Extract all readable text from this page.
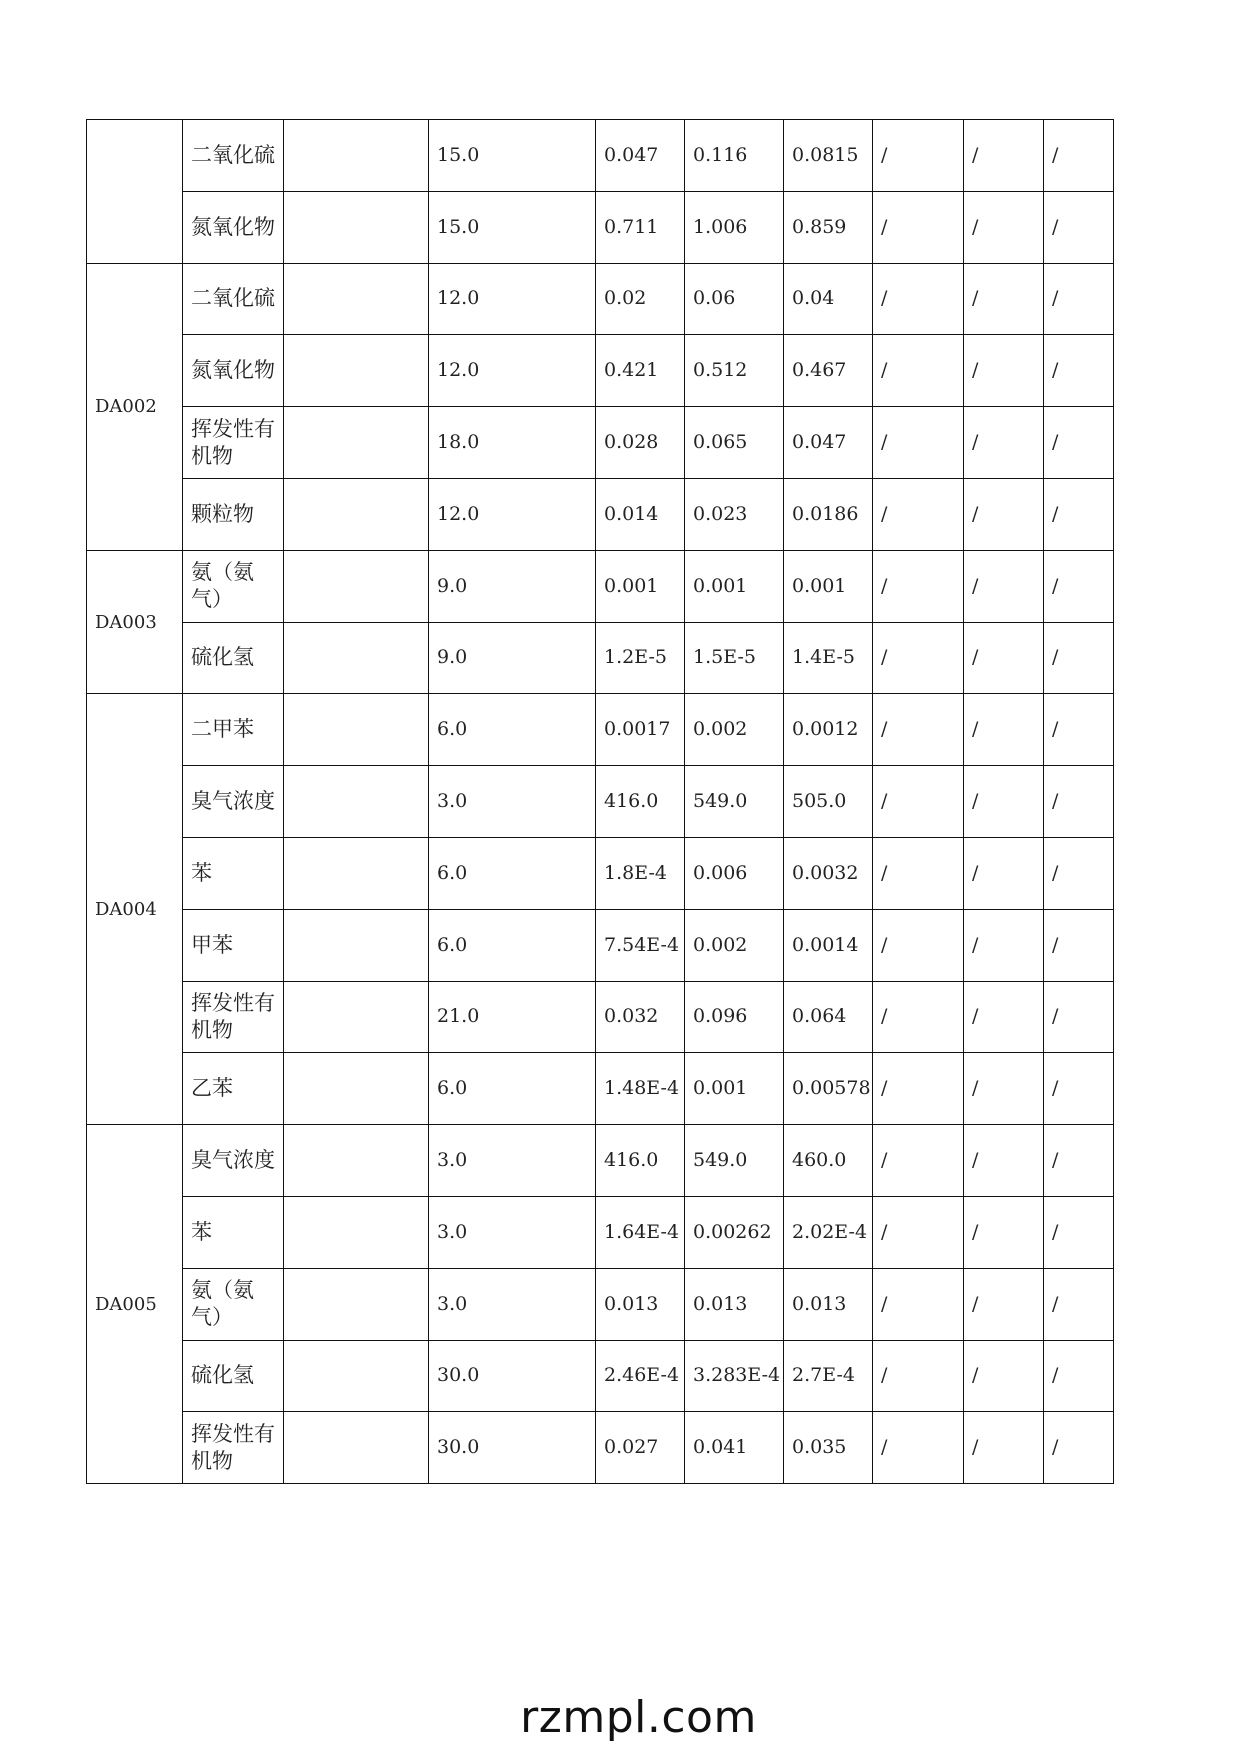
	二氧化硫		15.0	0.047	0.116	0.0815	/	/	/
	氮氧化物		15.0	0.711	1.006	0.859	/	/	/
DA002	二氧化硫		12.0	0.02	0.06	0.04	/	/	/
	氮氧化物		12.0	0.421	0.512	0.467	/	/	/
	挥发性有机物		18.0	0.028	0.065	0.047	/	/	/
	颗粒物		12.0	0.014	0.023	0.0186	/	/	/
DA003	氨（氨气）		9.0	0.001	0.001	0.001	/	/	/
	硫化氢		9.0	1.2E-5	1.5E-5	1.4E-5	/	/	/
DA004	二甲苯		6.0	0.0017	0.002	0.0012	/	/	/
	臭气浓度		3.0	416.0	549.0	505.0	/	/	/
	苯		6.0	1.8E-4	0.006	0.0032	/	/	/
	甲苯		6.0	7.54E-4	0.002	0.0014	/	/	/
	挥发性有机物		21.0	0.032	0.096	0.064	/	/	/
	乙苯		6.0	1.48E-4	0.001	0.00578	/	/	/
DA005	臭气浓度		3.0	416.0	549.0	460.0	/	/	/
	苯		3.0	1.64E-4	0.00262	2.02E-4	/	/	/
	氨（氨气）		3.0	0.013	0.013	0.013	/	/	/
	硫化氢		30.0	2.46E-4	3.283E-4	2.7E-4	/	/	/
	挥发性有机物		30.0	0.027	0.041	0.035	/	/	/
rzmpl.com
